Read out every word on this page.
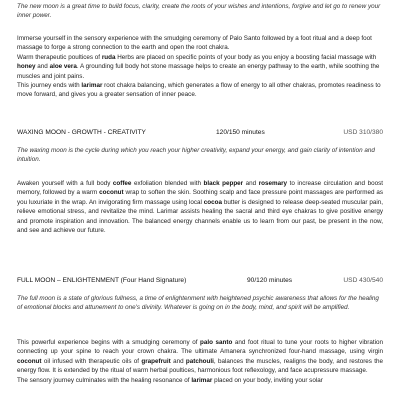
The new moon is a great time to build focus, clarity, create the roots of your wishes and intentions, forgive and let go to renew your inner power.

Immerse yourself in the sensory experience with the smudging ceremony of Palo Santo followed by a foot ritual and a deep foot massage to forge a strong connection to the earth and open the root chakra.

Warm therapeutic poultices of ruda Herbs are placed on specific points of your body as you enjoy a boosting facial massage with honey and aloe vera. A grounding full body hot stone massage helps to create an energy pathway to the earth, while soothing the muscles and joint pains.

This journey ends with larimar root chakra balancing, which generates a flow of energy to all other chakras, promotes readiness to move forward, and gives you a greater sensation of inner peace.

WAXING MOON - GROWTH - CREATIVITY	120/150 minutes	USD 310/380

The waxing moon is the cycle during which you reach your higher creativity, expand your energy, and gain clarity of intention and intuition.

Awaken yourself with a full body coffee exfoliation blended with black pepper and rosemary to increase circulation and boost memory, followed by a warm coconut wrap to soften the skin. Soothing scalp and face pressure point massages are performed as you luxuriate in the wrap. An invigorating firm massage using local cocoa butter is designed to release deep-seated muscular pain, relieve emotional stress, and revitalize the mind. Larimar assists healing the sacral and third eye chakras to give positive energy and promote inspiration and innovation. The balanced energy channels enable us to learn from our past, be present in the now, and see and achieve our future.

FULL MOON – ENLIGHTENMENT (Four Hand Signature)	90/120 minutes	USD 430/540

The full moon is a state of glorious fullness, a time of enlightenment with heightened psychic awareness that allows for the healing of emotional blocks and attunement to one's divinity. Whatever is going on in the body, mind, and spirit will be amplified.

This powerful experience begins with a smudging ceremony of palo santo and foot ritual to tune your roots to higher vibration connecting up your spine to reach your crown chakra. The ultimate Amanera synchronized four-hand massage, using virgin coconut oil infused with therapeutic oils of grapefruit and patchouli, balances the muscles, realigns the body, and restores the energy flow. It is extended by the ritual of warm herbal poultices, harmonious foot reflexology, and face acupressure massage.

The sensory journey culminates with the healing resonance of larimar placed on your body, inviting your solar
